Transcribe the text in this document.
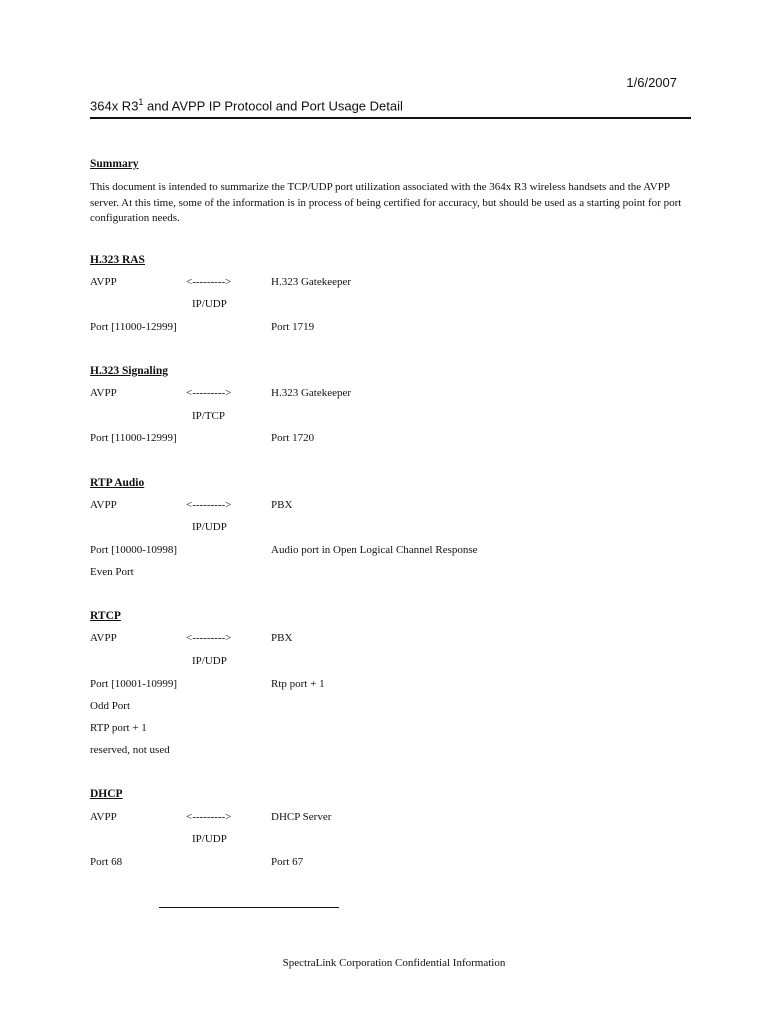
1/6/2007
364x $R3^1$ and AVPP IP Protocol and Port Usage Detail
Summary
This document is intended to summarize the TCP/UDP port utilization associated with the 364x R3 wireless handsets and the AVPP server. At this time, some of the information is in process of being certified for accuracy, but should be used as a starting point for port configuration needs.
H.323 RAS
AVPP	<--------->	H.323 Gatekeeper
IP/UDP
Port [11000-12999]	Port 1719
H.323 Signaling
AVPP	<--------->	H.323 Gatekeeper
IP/TCP
Port [11000-12999]	Port 1720
RTP Audio
AVPP	<--------->	PBX
IP/UDP
Port [10000-10998]	Audio port in Open Logical Channel Response
Even Port
RTCP
AVPP	<--------->	PBX
IP/UDP
Port [10001-10999]	Rtp port + 1
Odd Port
RTP port + 1
reserved, not used
DHCP
AVPP	<--------->	DHCP Server
IP/UDP
Port 68	Port 67
SpectraLink Corporation Confidential Information
